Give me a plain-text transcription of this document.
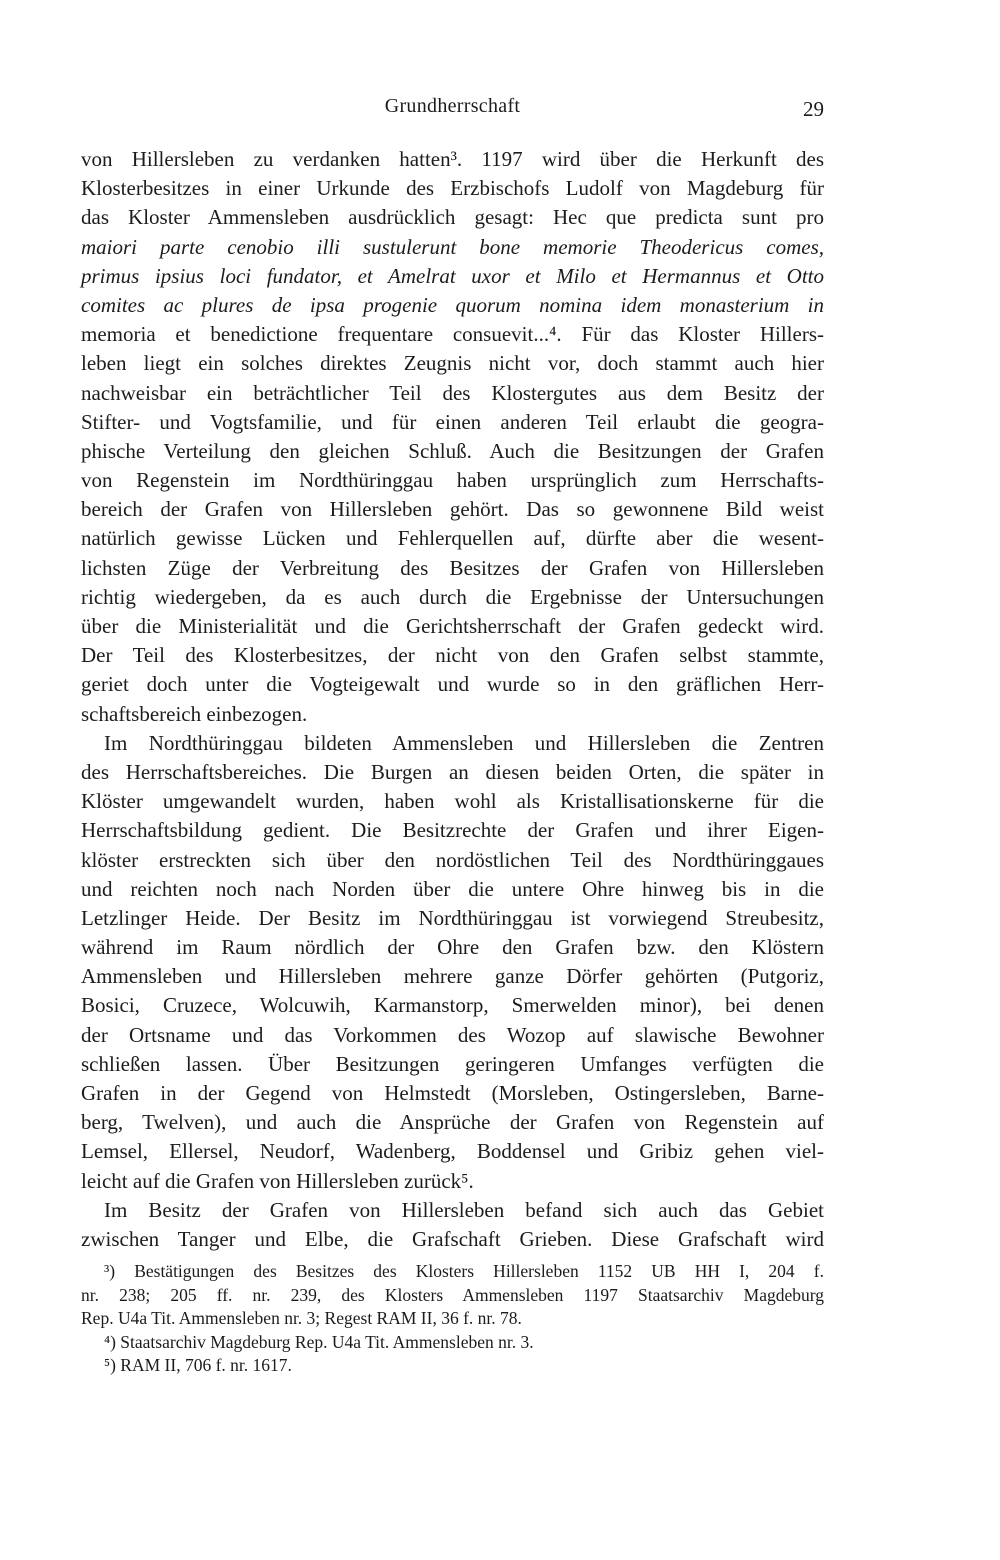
Grundherrschaft	29
von Hillersleben zu verdanken hatten³. 1197 wird über die Herkunft des
Klosterbesitzes in einer Urkunde des Erzbischofs Ludolf von Magdeburg für
das Kloster Ammensleben ausdrücklich gesagt: Hec que predicta sunt pro
maiori parte cenobio illi sustulerunt bone memorie Theodericus comes,
primus ipsius loci fundator, et Amelrat uxor et Milo et Hermannus et Otto
comites ac plures de ipsa progenie quorum nomina idem monasterium in
memoria et benedictione frequentare consuevit...⁴. Für das Kloster Hillers-
leben liegt ein solches direktes Zeugnis nicht vor, doch stammt auch hier
nachweisbar ein beträchtlicher Teil des Klostergutes aus dem Besitz der
Stifter- und Vogtsfamilie, und für einen anderen Teil erlaubt die geogra-
phische Verteilung den gleichen Schluß. Auch die Besitzungen der Grafen
von Regenstein im Nordthüringgau haben ursprünglich zum Herrschafts-
bereich der Grafen von Hillersleben gehört. Das so gewonnene Bild weist
natürlich gewisse Lücken und Fehlerquellen auf, dürfte aber die wesent-
lichsten Züge der Verbreitung des Besitzes der Grafen von Hillersleben
richtig wiedergeben, da es auch durch die Ergebnisse der Untersuchungen
über die Ministerialität und die Gerichtsherrschaft der Grafen gedeckt wird.
Der Teil des Klosterbesitzes, der nicht von den Grafen selbst stammte,
geriet doch unter die Vogteigewalt und wurde so in den gräflichen Herr-
schaftsbereich einbezogen.
Im Nordthüringgau bildeten Ammensleben und Hillersleben die Zentren
des Herrschaftsbereiches. Die Burgen an diesen beiden Orten, die später in
Klöster umgewandelt wurden, haben wohl als Kristallisationskerne für die
Herrschaftsbildung gedient. Die Besitzrechte der Grafen und ihrer Eigen-
klöster erstreckten sich über den nordöstlichen Teil des Nordthüringgaues
und reichten noch nach Norden über die untere Ohre hinweg bis in die
Letzlinger Heide. Der Besitz im Nordthüringgau ist vorwiegend Streubesitz,
während im Raum nördlich der Ohre den Grafen bzw. den Klöstern
Ammensleben und Hillersleben mehrere ganze Dörfer gehörten (Putgoriz,
Bosici, Cruzece, Wolcuwih, Karmanstorp, Smerwelden minor), bei denen
der Ortsname und das Vorkommen des Wozop auf slawische Bewohner
schließen lassen. Über Besitzungen geringeren Umfanges verfügten die
Grafen in der Gegend von Helmstedt (Morsleben, Ostingersleben, Barne-
berg, Twelven), und auch die Ansprüche der Grafen von Regenstein auf
Lemsel, Ellersel, Neudorf, Wadenberg, Boddensel und Gribiz gehen viel-
leicht auf die Grafen von Hillersleben zurück⁵.
Im Besitz der Grafen von Hillersleben befand sich auch das Gebiet
zwischen Tanger und Elbe, die Grafschaft Grieben. Diese Grafschaft wird
³) Bestätigungen des Besitzes des Klosters Hillersleben 1152 UB HH I, 204 f.
nr. 238; 205 ff. nr. 239, des Klosters Ammensleben 1197 Staatsarchiv Magdeburg
Rep. U4a Tit. Ammensleben nr. 3; Regest RAM II, 36 f. nr. 78.
⁴) Staatsarchiv Magdeburg Rep. U4a Tit. Ammensleben nr. 3.
⁵) RAM II, 706 f. nr. 1617.
